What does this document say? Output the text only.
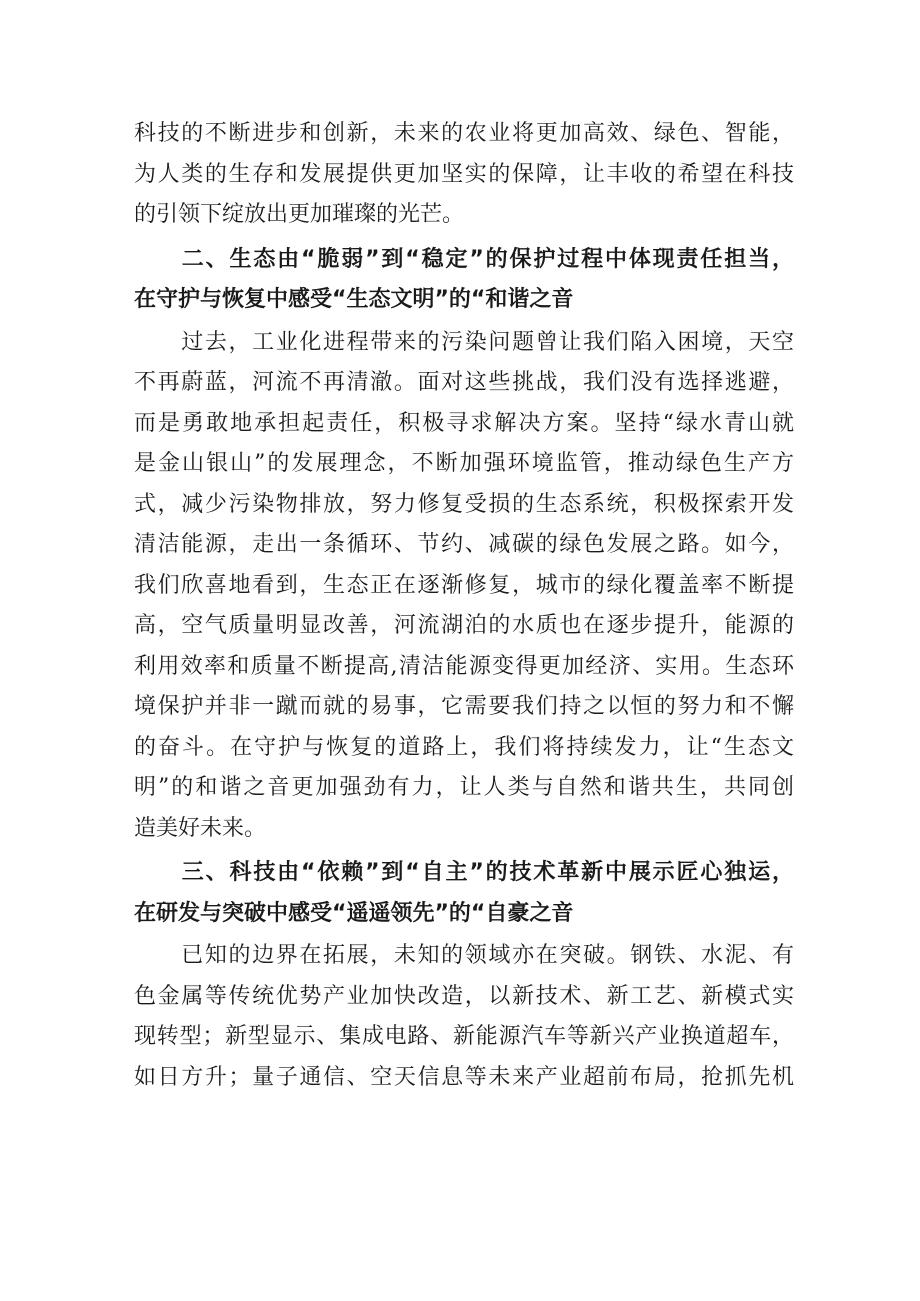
科技的不断进步和创新，未来的农业将更加高效、绿色、智能，
为人类的生存和发展提供更加坚实的保障，让丰收的希望在科技
的引领下绽放出更加璀璨的光芒。
　　二、生态由“脆弱”到“稳定”的保护过程中体现责任担当，
在守护与恢复中感受“生态文明”的“和谐之音
　　过去，工业化进程带来的污染问题曾让我们陷入困境，天空
不再蔚蓝，河流不再清澈。面对这些挑战，我们没有选择逃避，
而是勇敢地承担起责任，积极寻求解决方案。坚持“绿水青山就
是金山银山”的发展理念，不断加强环境监管，推动绿色生产方
式，减少污染物排放，努力修复受损的生态系统，积极探索开发
清洁能源，走出一条循环、节约、减碳的绿色发展之路。如今，
我们欣喜地看到，生态正在逐渐修复，城市的绿化覆盖率不断提
高，空气质量明显改善，河流湖泊的水质也在逐步提升，能源的
利用效率和质量不断提高,清洁能源变得更加经济、实用。生态环
境保护并非一蹴而就的易事，它需要我们持之以恒的努力和不懈
的奋斗。在守护与恢复的道路上，我们将持续发力，让“生态文
明”的和谐之音更加强劲有力，让人类与自然和谐共生，共同创
造美好未来。
　　三、科技由“依赖”到“自主”的技术革新中展示匠心独运，
在研发与突破中感受“遥遥领先”的“自豪之音
　　已知的边界在拓展，未知的领域亦在突破。钢铁、水泥、有
色金属等传统优势产业加快改造，以新技术、新工艺、新模式实
现转型；新型显示、集成电路、新能源汽车等新兴产业换道超车，
如日方升；量子通信、空天信息等未来产业超前布局，抢抓先机
